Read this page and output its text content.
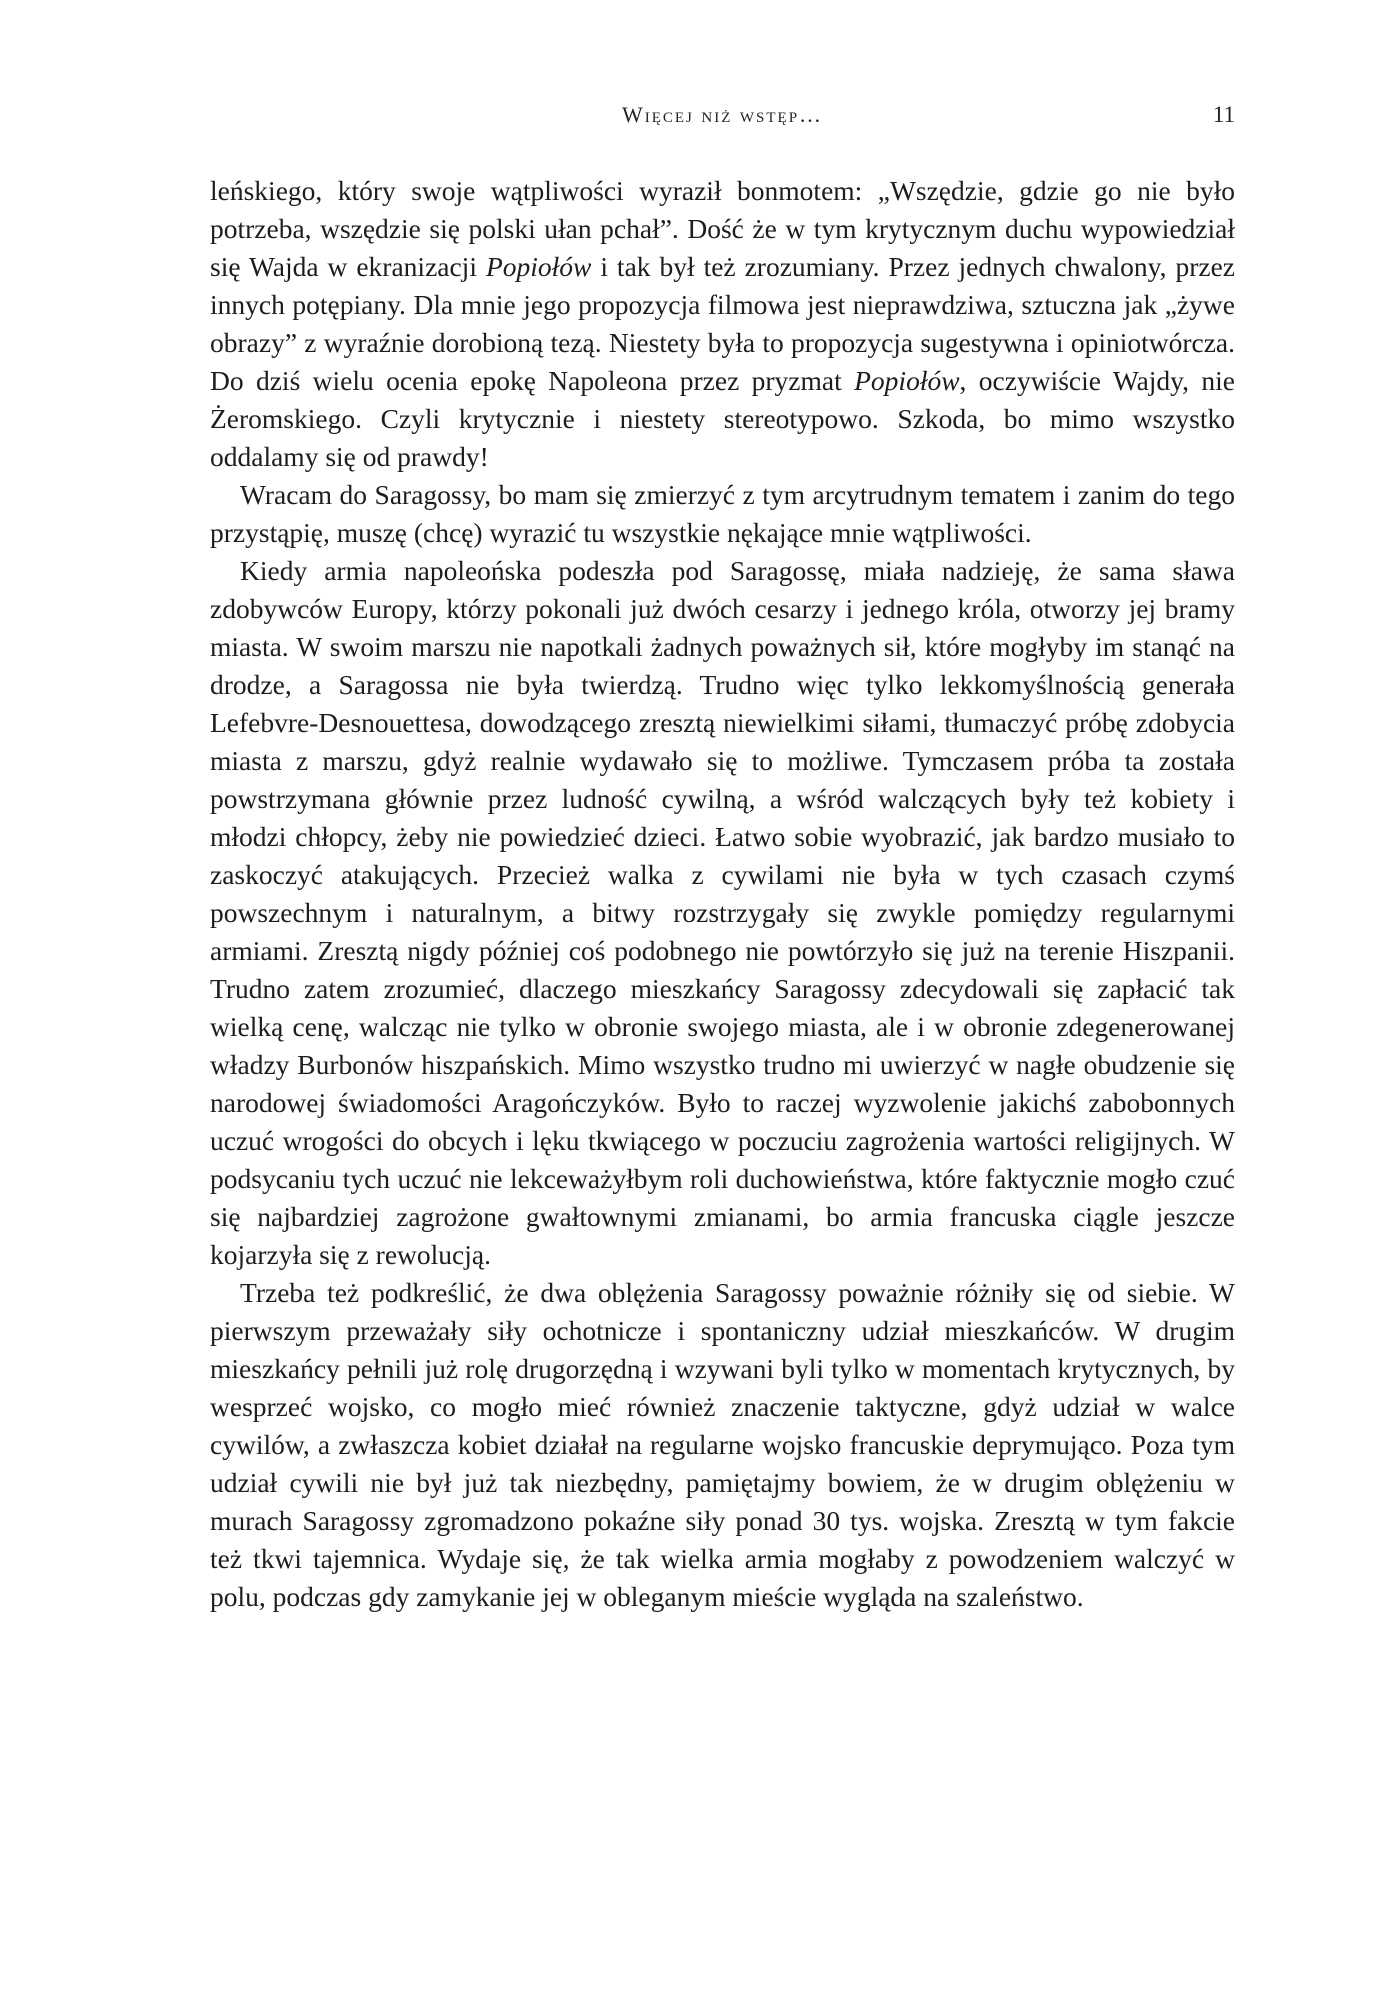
Więcej niż wstęp…	11

leńskiego, który swoje wątpliwości wyraził bonmotem: „Wszędzie, gdzie go nie było potrzeba, wszędzie się polski ułan pchał”. Dość że w tym krytycznym duchu wypowiedział się Wajda w ekranizacji Popiołów i tak był też zrozumiany. Przez jednych chwalony, przez innych potępiany. Dla mnie jego propozycja filmowa jest nieprawdziwa, sztuczna jak „żywe obrazy” z wyraźnie dorobioną tezą. Niestety była to propozycja sugestywna i opiniotwórcza. Do dziś wielu ocenia epokę Napoleona przez pryzmat Popiołów, oczywiście Wajdy, nie Żeromskiego. Czyli krytycznie i niestety stereotypowo. Szkoda, bo mimo wszystko oddalamy się od prawdy!

Wracam do Saragossy, bo mam się zmierzyć z tym arcytrudnym tematem i zanim do tego przystąpię, muszę (chcę) wyrazić tu wszystkie nękające mnie wątpliwości.

Kiedy armia napoleońska podeszła pod Saragossę, miała nadzieję, że sama sława zdobywców Europy, którzy pokonali już dwóch cesarzy i jednego króla, otworzy jej bramy miasta. W swoim marszu nie napotkali żadnych poważnych sił, które mogłyby im stanąć na drodze, a Saragossa nie była twierdzą. Trudno więc tylko lekkomyślnością generała Lefebvre-Desnouettesa, dowodzącego zresztą niewielkimi siłami, tłumaczyć próbę zdobycia miasta z marszu, gdyż realnie wydawało się to możliwe. Tymczasem próba ta została powstrzymana głównie przez ludność cywilną, a wśród walczących były też kobiety i młodzi chłopcy, żeby nie powiedzieć dzieci. Łatwo sobie wyobrazić, jak bardzo musiało to zaskoczyć atakujących. Przecież walka z cywilami nie była w tych czasach czymś powszechnym i naturalnym, a bitwy rozstrzygały się zwykle pomiędzy regularnymi armiami. Zresztą nigdy później coś podobnego nie powtórzyło się już na terenie Hiszpanii. Trudno zatem zrozumieć, dlaczego mieszkańcy Saragossy zdecydowali się zapłacić tak wielką cenę, walcząc nie tylko w obronie swojego miasta, ale i w obronie zdegenerowanej władzy Burbonów hiszpańskich. Mimo wszystko trudno mi uwierzyć w nagłe obudzenie się narodowej świadomości Aragończyków. Było to raczej wyzwolenie jakichś zabobonnych uczuć wrogości do obcych i lęku tkwiącego w poczuciu zagrożenia wartości religijnych. W podsycaniu tych uczuć nie lekceważyłbym roli duchowieństwa, które faktycznie mogło czuć się najbardziej zagrożone gwałtownymi zmianami, bo armia francuska ciągle jeszcze kojarzyła się z rewolucją.

Trzeba też podkreślić, że dwa oblężenia Saragossy poważnie różniły się od siebie. W pierwszym przeważały siły ochotnicze i spontaniczny udział mieszkańców. W drugim mieszkańcy pełnili już rolę drugorzędną i wzywani byli tylko w momentach krytycznych, by wesprzeć wojsko, co mogło mieć również znaczenie taktyczne, gdyż udział w walce cywilów, a zwłaszcza kobiet działał na regularne wojsko francuskie deprymująco. Poza tym udział cywili nie był już tak niezbędny, pamiętajmy bowiem, że w drugim oblężeniu w murach Saragossy zgromadzono pokaźne siły ponad 30 tys. wojska. Zresztą w tym fakcie też tkwi tajemnica. Wydaje się, że tak wielka armia mogłaby z powodzeniem walczyć w polu, podczas gdy zamykanie jej w obleganym mieście wygląda na szaleństwo.
